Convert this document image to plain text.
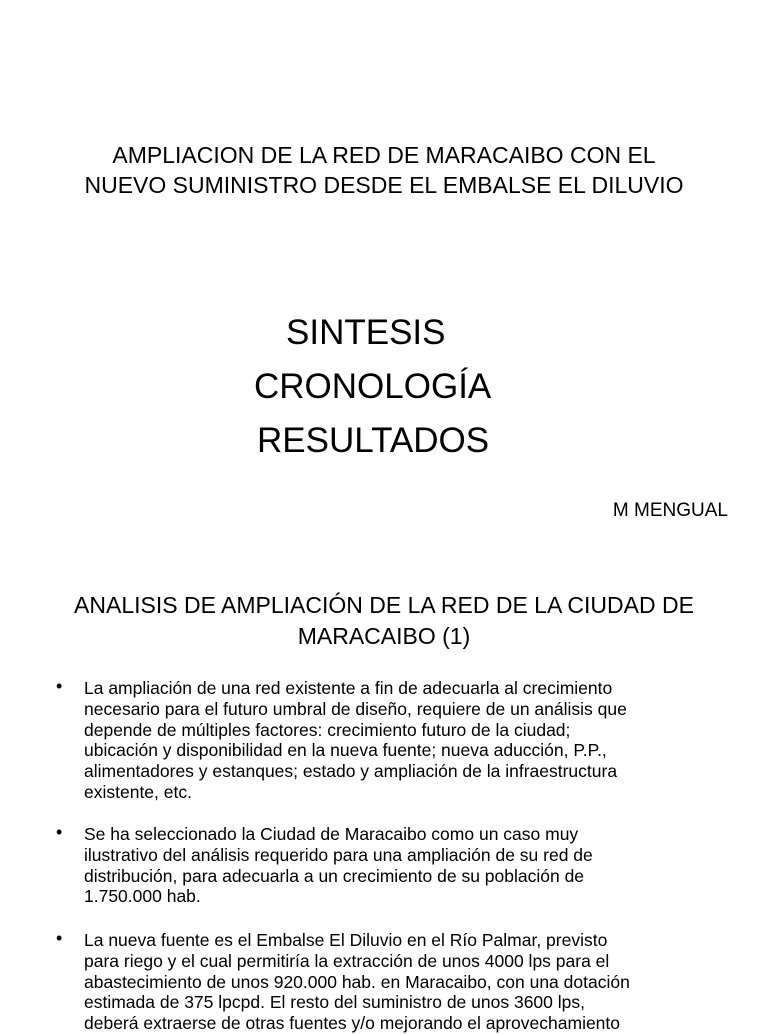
AMPLIACION DE LA RED DE MARACAIBO CON EL
NUEVO SUMINISTRO DESDE EL EMBALSE EL DILUVIO
SINTESIS
CRONOLOGÍA
RESULTADOS
M MENGUAL
ANALISIS DE AMPLIACIÓN DE LA RED DE LA CIUDAD DE
MARACAIBO (1)
• La ampliación de una red existente a fin de adecuarla al crecimiento
necesario para el futuro umbral de diseño, requiere de un análisis que
depende de múltiples factores: crecimiento futuro de la ciudad;
ubicación y disponibilidad en la nueva fuente; nueva aducción, P.P.,
alimentadores y estanques; estado y ampliación de la infraestructura
existente, etc.
• Se ha seleccionado la Ciudad de Maracaibo como un caso muy
ilustrativo del análisis requerido para una ampliación de su red de
distribución, para adecuarla a un crecimiento de su población de
1.750.000 hab.
• La nueva fuente es el Embalse El Diluvio en el Río Palmar, previsto
para riego y el cual permitiría la extracción de unos 4000 lps para el
abastecimiento de unos 920.000 hab. en Maracaibo, con una dotación
estimada de 375 lpcpd. El resto del suministro de unos 3600 lps,
deberá extraerse de otras fuentes y/o mejorando el aprovechamiento
